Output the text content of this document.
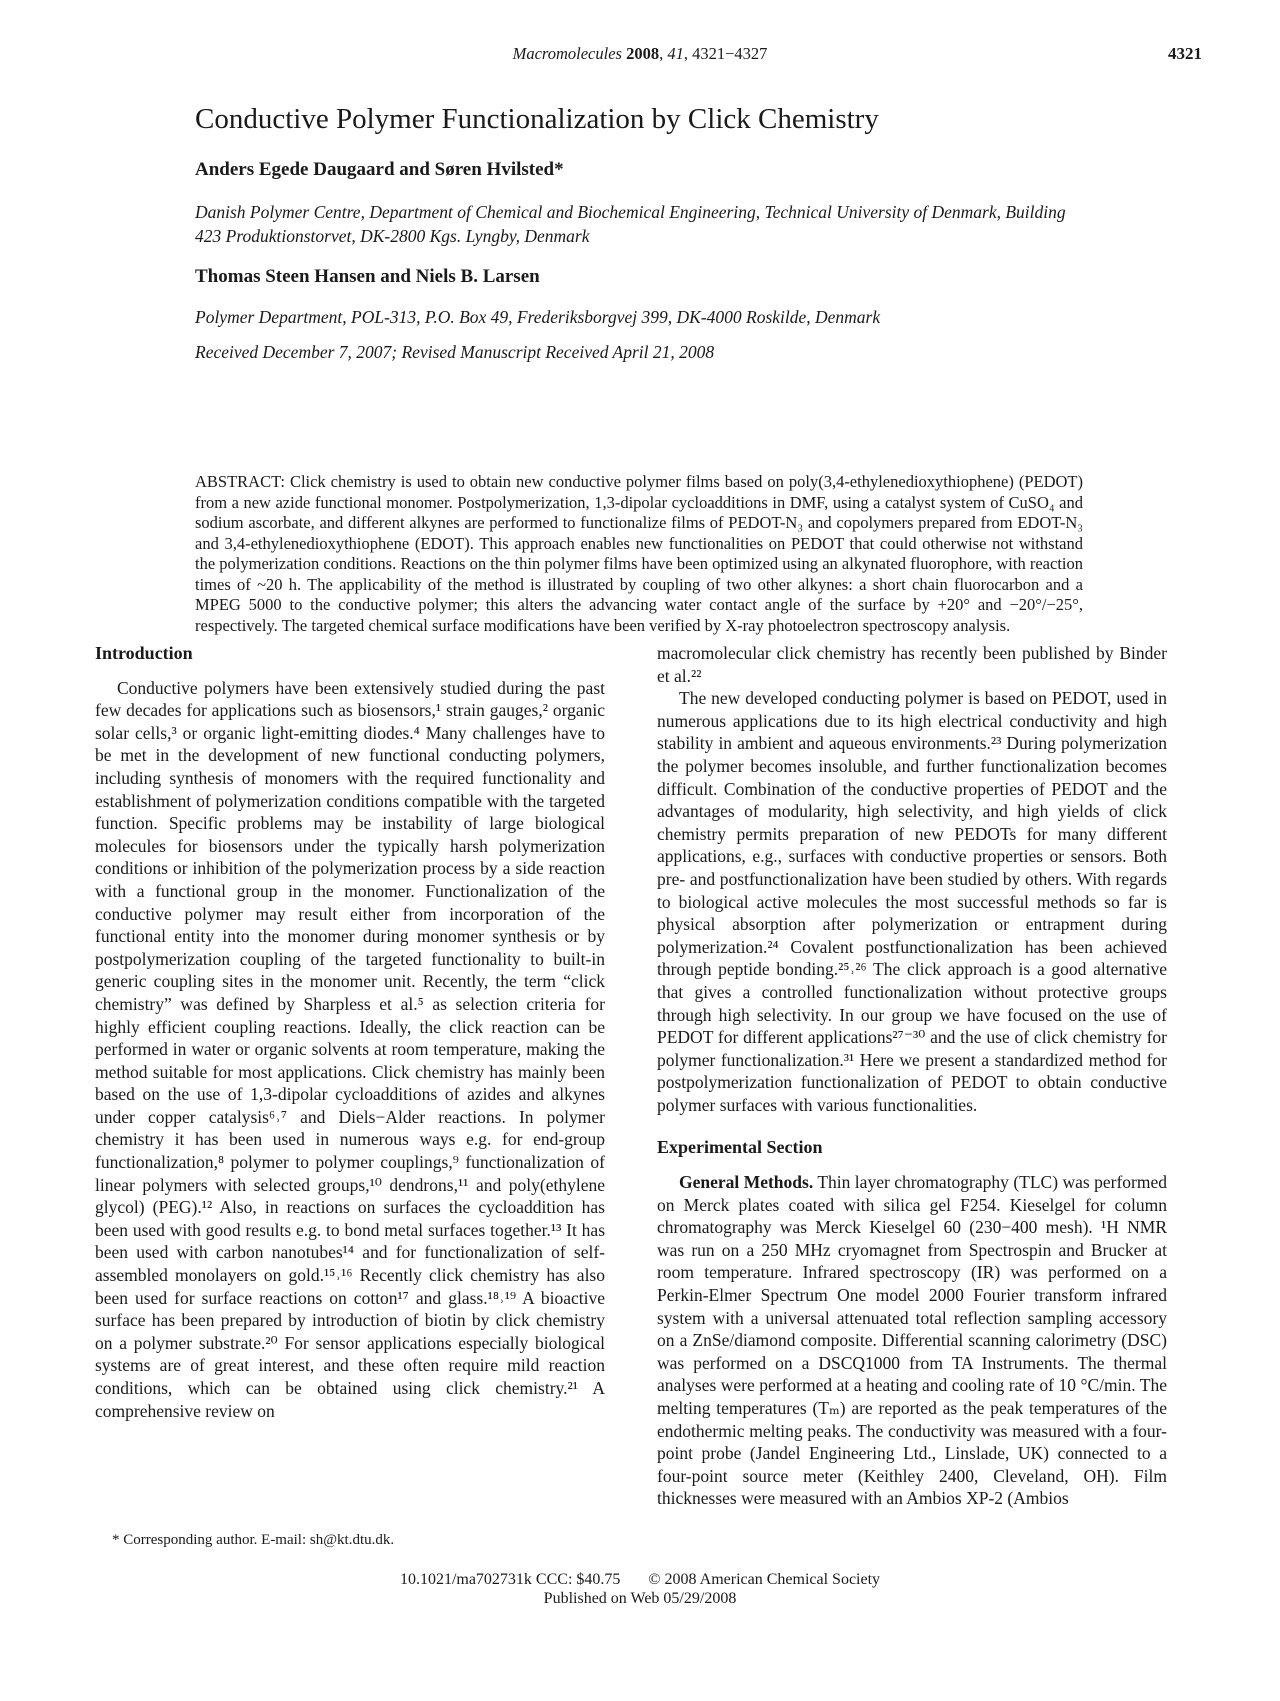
Macromolecules 2008, 41, 4321−4327	4321
Conductive Polymer Functionalization by Click Chemistry
Anders Egede Daugaard and Søren Hvilsted*
Danish Polymer Centre, Department of Chemical and Biochemical Engineering, Technical University of Denmark, Building 423 Produktionstorvet, DK-2800 Kgs. Lyngby, Denmark
Thomas Steen Hansen and Niels B. Larsen
Polymer Department, POL-313, P.O. Box 49, Frederiksborgvej 399, DK-4000 Roskilde, Denmark
Received December 7, 2007; Revised Manuscript Received April 21, 2008
ABSTRACT: Click chemistry is used to obtain new conductive polymer films based on poly(3,4-ethylenedioxythiophene) (PEDOT) from a new azide functional monomer. Postpolymerization, 1,3-dipolar cycloadditions in DMF, using a catalyst system of CuSO₄ and sodium ascorbate, and different alkynes are performed to functionalize films of PEDOT-N₃ and copolymers prepared from EDOT-N₃ and 3,4-ethylenedioxythiophene (EDOT). This approach enables new functionalities on PEDOT that could otherwise not withstand the polymerization conditions. Reactions on the thin polymer films have been optimized using an alkynated fluorophore, with reaction times of ~20 h. The applicability of the method is illustrated by coupling of two other alkynes: a short chain fluorocarbon and a MPEG 5000 to the conductive polymer; this alters the advancing water contact angle of the surface by +20° and −20°/−25°, respectively. The targeted chemical surface modifications have been verified by X-ray photoelectron spectroscopy analysis.
Introduction

Conductive polymers have been extensively studied during the past few decades for applications such as biosensors,¹ strain gauges,² organic solar cells,³ or organic light-emitting diodes.⁴ Many challenges have to be met in the development of new functional conducting polymers, including synthesis of monomers with the required functionality and establishment of polymerization conditions compatible with the targeted function. Specific problems may be instability of large biological molecules for biosensors under the typically harsh polymerization conditions or inhibition of the polymerization process by a side reaction with a functional group in the monomer. Functionalization of the conductive polymer may result either from incorporation of the functional entity into the monomer during monomer synthesis or by postpolymerization coupling of the targeted functionality to built-in generic coupling sites in the monomer unit. Recently, the term “click chemistry” was defined by Sharpless et al.⁵ as selection criteria for highly efficient coupling reactions. Ideally, the click reaction can be performed in water or organic solvents at room temperature, making the method suitable for most applications. Click chemistry has mainly been based on the use of 1,3-dipolar cycloadditions of azides and alkynes under copper catalysis⁶˒⁷ and Diels−Alder reactions. In polymer chemistry it has been used in numerous ways e.g. for end-group functionalization,⁸ polymer to polymer couplings,⁹ functionalization of linear polymers with selected groups,¹⁰ dendrons,¹¹ and poly(ethylene glycol) (PEG).¹² Also, in reactions on surfaces the cycloaddition has been used with good results e.g. to bond metal surfaces together.¹³ It has been used with carbon nanotubes¹⁴ and for functionalization of self-assembled monolayers on gold.¹⁵˒¹⁶ Recently click chemistry has also been used for surface reactions on cotton¹⁷ and glass.¹⁸˒¹⁹ A bioactive surface has been prepared by introduction of biotin by click chemistry on a polymer substrate.²⁰ For sensor applications especially biological systems are of great interest, and these often require mild reaction conditions, which can be obtained using click chemistry.²¹ A comprehensive review on

macromolecular click chemistry has recently been published by Binder et al.²²

The new developed conducting polymer is based on PEDOT, used in numerous applications due to its high electrical conductivity and high stability in ambient and aqueous environments.²³ During polymerization the polymer becomes insoluble, and further functionalization becomes difficult. Combination of the conductive properties of PEDOT and the advantages of modularity, high selectivity, and high yields of click chemistry permits preparation of new PEDOTs for many different applications, e.g., surfaces with conductive properties or sensors. Both pre- and postfunctionalization have been studied by others. With regards to biological active molecules the most successful methods so far is physical absorption after polymerization or entrapment during polymerization.²⁴ Covalent postfunctionalization has been achieved through peptide bonding.²⁵˒²⁶ The click approach is a good alternative that gives a controlled functionalization without protective groups through high selectivity. In our group we have focused on the use of PEDOT for different applications²⁷⁻³⁰ and the use of click chemistry for polymer functionalization.³¹ Here we present a standardized method for postpolymerization functionalization of PEDOT to obtain conductive polymer surfaces with various functionalities.

Experimental Section

General Methods. Thin layer chromatography (TLC) was performed on Merck plates coated with silica gel F254. Kieselgel for column chromatography was Merck Kieselgel 60 (230−400 mesh). ¹H NMR was run on a 250 MHz cryomagnet from Spectrospin and Brucker at room temperature. Infrared spectroscopy (IR) was performed on a Perkin-Elmer Spectrum One model 2000 Fourier transform infrared system with a universal attenuated total reflection sampling accessory on a ZnSe/diamond composite. Differential scanning calorimetry (DSC) was performed on a DSCQ1000 from TA Instruments. The thermal analyses were performed at a heating and cooling rate of 10 °C/min. The melting temperatures (Tₘ) are reported as the peak temperatures of the endothermic melting peaks. The conductivity was measured with a four-point probe (Jandel Engineering Ltd., Linslade, UK) connected to a four-point source meter (Keithley 2400, Cleveland, OH). Film thicknesses were measured with an Ambios XP-2 (Ambios

* Corresponding author. E-mail: sh@kt.dtu.dk.
10.1021/ma702731k CCC: $40.75 © 2008 American Chemical Society
Published on Web 05/29/2008
